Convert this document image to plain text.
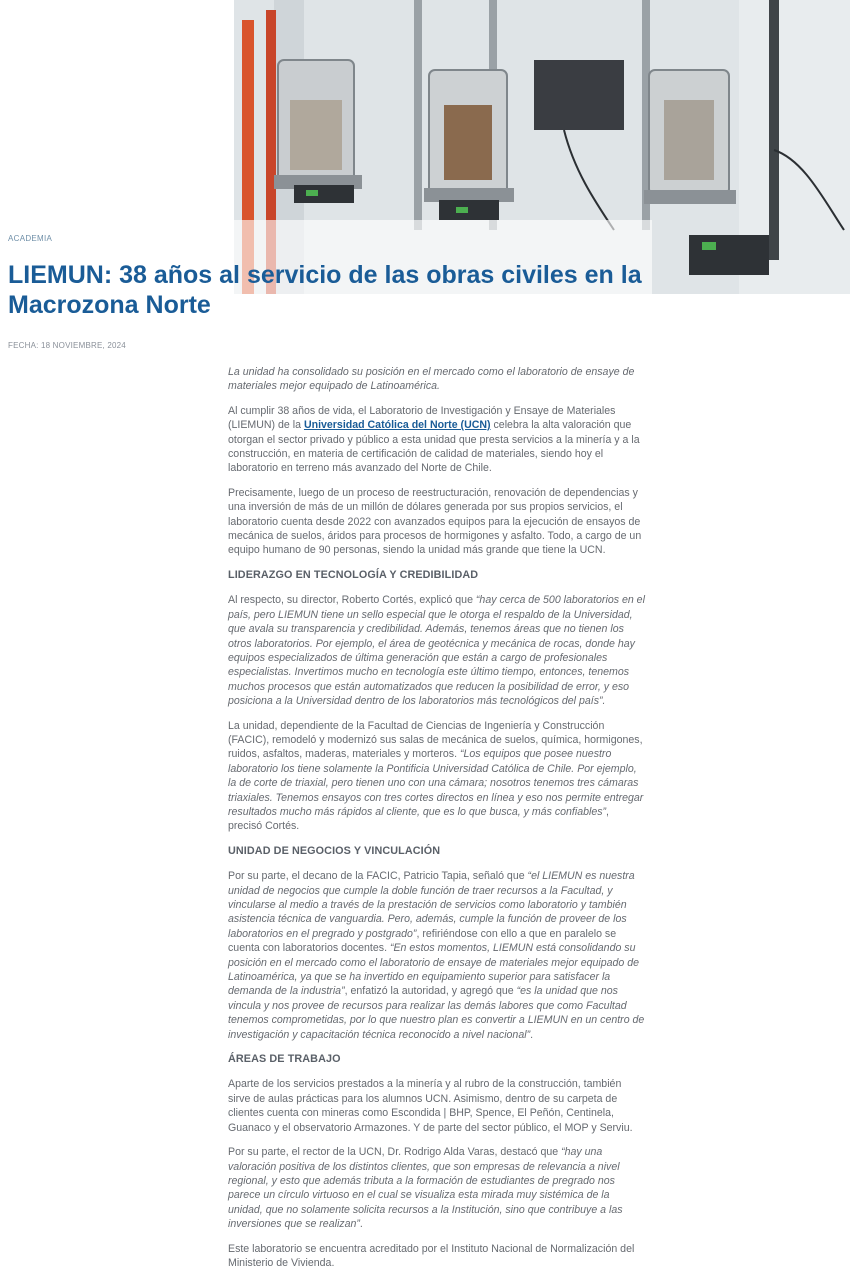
ACADEMIA
LIEMUN: 38 años al servicio de las obras civiles en la Macrozona Norte
FECHA: 18 NOVIEMBRE, 2024

La unidad ha consolidado su posición en el mercado como el laboratorio de ensaye de materiales mejor equipado de Latinoamérica.

Al cumplir 38 años de vida, el Laboratorio de Investigación y Ensaye de Materiales (LIEMUN) de la Universidad Católica del Norte (UCN) celebra la alta valoración que otorgan el sector privado y público a esta unidad que presta servicios a la minería y a la construcción, en materia de certificación de calidad de materiales, siendo hoy el laboratorio en terreno más avanzado del Norte de Chile.

Precisamente, luego de un proceso de reestructuración, renovación de dependencias y una inversión de más de un millón de dólares generada por sus propios servicios, el laboratorio cuenta desde 2022 con avanzados equipos para la ejecución de ensayos de mecánica de suelos, áridos para procesos de hormigones y asfalto. Todo, a cargo de un equipo humano de 90 personas, siendo la unidad más grande que tiene la UCN.

LIDERAZGO EN TECNOLOGÍA Y CREDIBILIDAD

Al respecto, su director, Roberto Cortés, explicó que “hay cerca de 500 laboratorios en el país, pero LIEMUN tiene un sello especial que le otorga el respaldo de la Universidad, que avala su transparencia y credibilidad. Además, tenemos áreas que no tienen los otros laboratorios. Por ejemplo, el área de geotécnica y mecánica de rocas, donde hay equipos especializados de última generación que están a cargo de profesionales especialistas. Invertimos mucho en tecnología este último tiempo, entonces, tenemos muchos procesos que están automatizados que reducen la posibilidad de error, y eso posiciona a la Universidad dentro de los laboratorios más tecnológicos del país”.

La unidad, dependiente de la Facultad de Ciencias de Ingeniería y Construcción (FACIC), remodeló y modernizó sus salas de mecánica de suelos, química, hormigones, ruidos, asfaltos, maderas, materiales y morteros. “Los equipos que posee nuestro laboratorio los tiene solamente la Pontificia Universidad Católica de Chile. Por ejemplo, la de corte de triaxial, pero tienen uno con una cámara; nosotros tenemos tres cámaras triaxiales. Tenemos ensayos con tres cortes directos en línea y eso nos permite entregar resultados mucho más rápidos al cliente, que es lo que busca, y más confiables”, precisó Cortés.

UNIDAD DE NEGOCIOS Y VINCULACIÓN

Por su parte, el decano de la FACIC, Patricio Tapia, señaló que “el LIEMUN es nuestra unidad de negocios que cumple la doble función de traer recursos a la Facultad, y vincularse al medio a través de la prestación de servicios como laboratorio y también asistencia técnica de vanguardia. Pero, además, cumple la función de proveer de los laboratorios en el pregrado y postgrado”, refiriéndose con ello a que en paralelo se cuenta con laboratorios docentes. “En estos momentos, LIEMUN está consolidando su posición en el mercado como el laboratorio de ensaye de materiales mejor equipado de Latinoamérica, ya que se ha invertido en equipamiento superior para satisfacer la demanda de la industria”, enfatizó la autoridad, y agregó que “es la unidad que nos vincula y nos provee de recursos para realizar las demás labores que como Facultad tenemos comprometidas, por lo que nuestro plan es convertir a LIEMUN en un centro de investigación y capacitación técnica reconocido a nivel nacional”.

ÁREAS DE TRABAJO

Aparte de los servicios prestados a la minería y al rubro de la construcción, también sirve de aulas prácticas para los alumnos UCN. Asimismo, dentro de su carpeta de clientes cuenta con mineras como Escondida | BHP, Spence, El Peñón, Centinela, Guanaco y el observatorio Armazones. Y de parte del sector público, el MOP y Serviu.

Por su parte, el rector de la UCN, Dr. Rodrigo Alda Varas, destacó que “hay una valoración positiva de los distintos clientes, que son empresas de relevancia a nivel regional, y esto que además tributa a la formación de estudiantes de pregrado nos parece un círculo virtuoso en el cual se visualiza esta mirada muy sistémica de la unidad, que no solamente solicita recursos a la Institución, sino que contribuye a las inversiones que se realizan”.

Este laboratorio se encuentra acreditado por el Instituto Nacional de Normalización del Ministerio de Vivienda.
